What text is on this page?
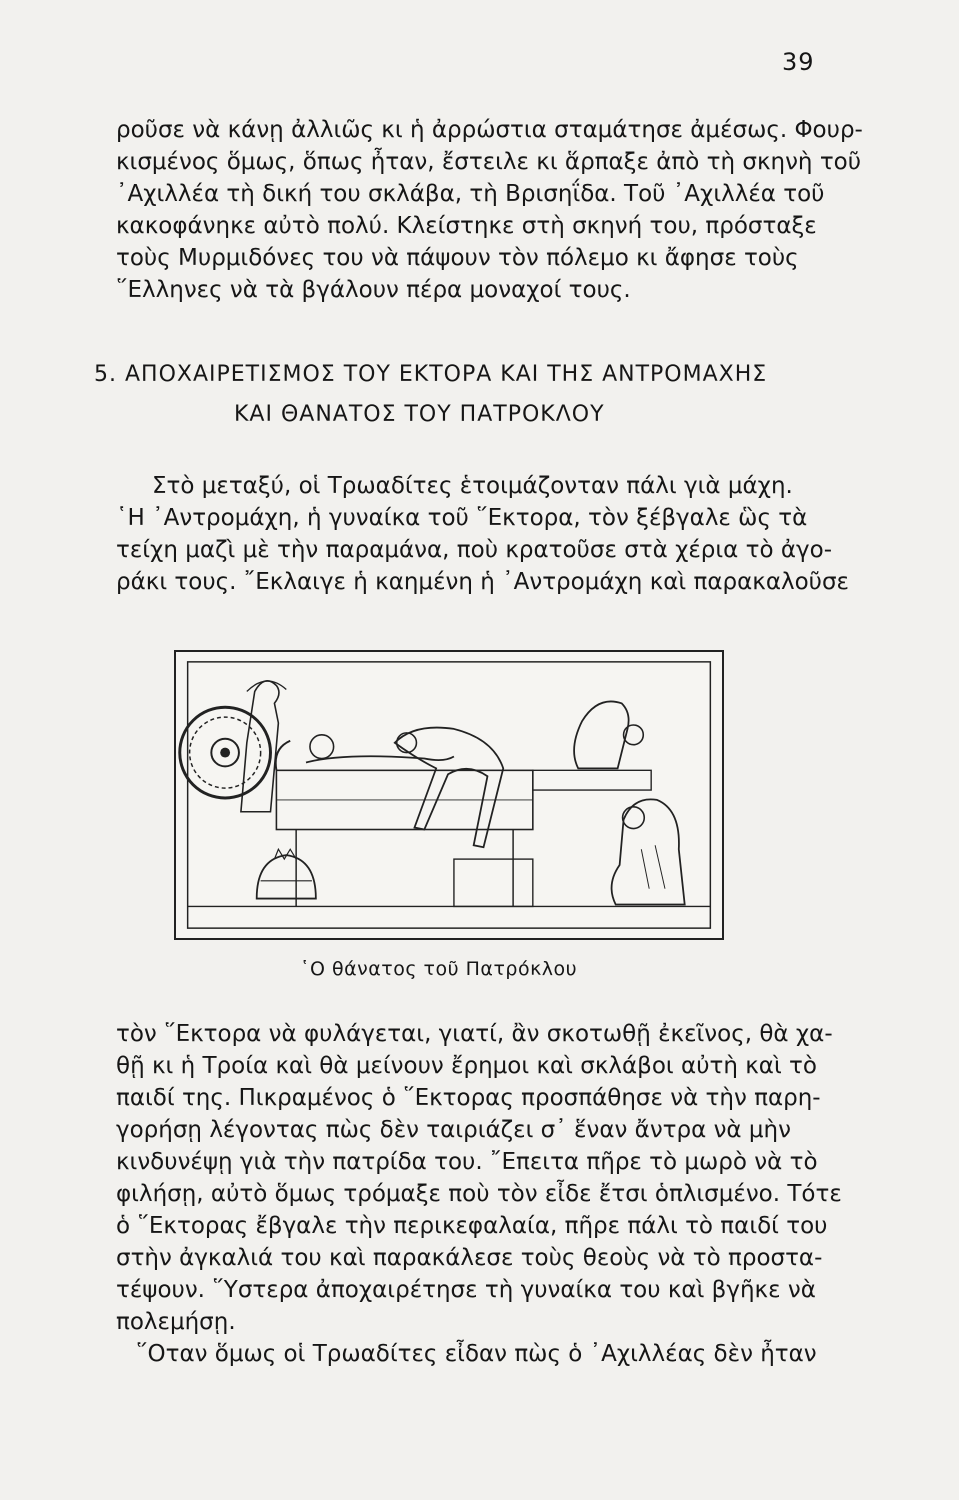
39
ροῦσε νὰ κάνῃ ἀλλιῶς κι ἡ ἀρρώστια σταμάτησε ἀμέσως. Φουρ-
κισμένος ὅμως, ὅπως ἦταν, ἔστειλε κι ἅρπαξε ἀπὸ τὴ σκηνὴ τοῦ
᾿Αχιλλέα τὴ δική του σκλάβα, τὴ Βρισηΐδα. Τοῦ ᾿Αχιλλέα τοῦ
κακοφάνηκε αὐτὸ πολύ. Κλείστηκε στὴ σκηνή του, πρόσταξε
τοὺς Μυρμιδόνες του νὰ πάψουν τὸν πόλεμο κι ἄφησε τοὺς
῞Ελληνες νὰ τὰ βγάλουν πέρα μοναχοί τους.
5. ΑΠΟΧΑΙΡΕΤΙΣΜΟΣ ΤΟΥ ΕΚΤΟΡΑ ΚΑΙ ΤΗΣ ΑΝΤΡΟΜΑΧΗΣ
ΚΑΙ ΘΑΝΑΤΟΣ ΤΟΥ ΠΑΤΡΟΚΛΟΥ
Στὸ μεταξύ, οἱ Τρωαδίτες ἑτοιμάζονταν πάλι γιὰ μάχη.
῾Η ᾿Αντρομάχη, ἡ γυναίκα τοῦ ῞Εκτορα, τὸν ξέβγαλε ὣς τὰ
τείχη μαζὶ μὲ τὴν παραμάνα, ποὺ κρατοῦσε στὰ χέρια τὸ ἀγο-
ράκι τους. ῎Εκλαιγε ἡ καημένη ἡ ᾿Αντρομάχη καὶ παρακαλοῦσε
῾Ο θάνατος τοῦ Πατρόκλου
τὸν ῞Εκτορα νὰ φυλάγεται, γιατί, ἂν σκοτωθῇ ἐκεῖνος, θὰ χα-
θῇ κι ἡ Τροία καὶ θὰ μείνουν ἔρημοι καὶ σκλάβοι αὐτὴ καὶ τὸ
παιδί της. Πικραμένος ὁ ῞Εκτορας προσπάθησε νὰ τὴν παρη-
γορήσῃ λέγοντας πὼς δὲν ταιριάζει σ᾿ ἕναν ἄντρα νὰ μὴν
κινδυνέψῃ γιὰ τὴν πατρίδα του. ῎Επειτα πῆρε τὸ μωρὸ νὰ τὸ
φιλήσῃ, αὐτὸ ὅμως τρόμαξε ποὺ τὸν εἶδε ἔτσι ὁπλισμένο. Τότε
ὁ ῞Εκτορας ἔβγαλε τὴν περικεφαλαία, πῆρε πάλι τὸ παιδί του
στὴν ἀγκαλιά του καὶ παρακάλεσε τοὺς θεοὺς νὰ τὸ προστα-
τέψουν. ῞Υστερα ἀποχαιρέτησε τὴ γυναίκα του καὶ βγῆκε νὰ
πολεμήσῃ.
῞Οταν ὅμως οἱ Τρωαδίτες εἶδαν πὼς ὁ ᾿Αχιλλέας δὲν ἦταν
